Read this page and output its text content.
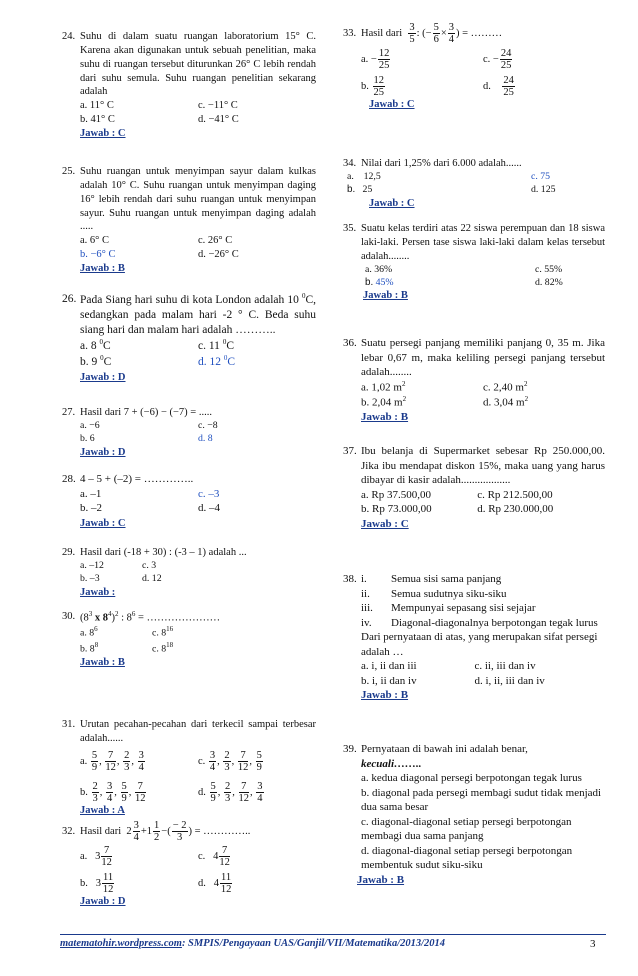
24. Suhu di dalam suatu ruangan laboratorium 15° C. Karena akan digunakan untuk sebuah penelitian, maka suhu di ruangan tersebut diturunkan 26° C lebih rendah dari suhu semula. Suhu ruangan penelitian sekarang adalah
a. 11° C	c. −11° C
b. 41° C	d. −41° C
Jawab : C
25. Suhu ruangan untuk menyimpan sayur dalam kulkas adalah 10° C. Suhu ruangan untuk menyimpan daging 16° lebih rendah dari suhu ruangan untuk menyimpan sayur. Suhu ruangan untuk menyimpan daging adalah .....
a. 6° C	c. 26° C
b. −6° C	d. −26° C
Jawab : B
26. Pada Siang hari suhu di kota London adalah 10 $^0$C, sedangkan pada malam hari -2 ° C. Beda suhu siang hari dan malam hari adalah ………..
a. 8 $^0$C	c. 11 $^0$C
b. 9 $^0$C	d. 12 $^0$C
Jawab : D
27. Hasil dari 7 + (−6) − (−7) = .....
a. −6	c. −8
b. 6	d. 8
Jawab : D
28. 4 – 5 + (–2) = …………..
a. –1	c. –3
b. –2	d. –4
Jawab : C
29. Hasil dari (-18 + 30) : (-3 – 1) adalah ...
a. –12	c. 3
b. –3	d. 12
Jawab :
30. ($8^3$ x $8^4)^2$ : $8^6$ = …………………
a. $8^6$	c. $8^{16}$
b. $8^8$	c. $8^{18}$
Jawab : B
31. Urutan pecahan-pecahan dari terkecil sampai terbesar adalah......
a. $\frac{5}{9}$ , $\frac{7}{12}$ , $\frac{2}{3}$ , $\frac{3}{4}$	c. $\frac{3}{4}$ , $\frac{2}{3}$ , $\frac{7}{12}$ , $\frac{5}{9}$
b. $\frac{2}{3}$ , $\frac{3}{4}$ , $\frac{5}{9}$ , $\frac{7}{12}$	d. $\frac{5}{9}$ , $\frac{2}{3}$ , $\frac{7}{12}$ , $\frac{3}{4}$
Jawab : A
32. Hasil dari $2 \frac{3}{4} +1 \frac{1}{2}$ −( $\frac{- 2}{3}$ ) = …………..
a. $3 \frac{7}{12}$	c. $4 \frac{7}{12}$
b. $3 \frac{11}{12}$	d. $4 \frac{11}{12}$
Jawab : D
33. Hasil dari $\frac{3}{5}$ : (− $\frac{5}{6} \times \frac{3}{4}$ ) = ………
a. − $\frac{12}{25}$	c. − $\frac{24}{25}$
b. $\frac{12}{25}$	d. $\frac{24}{25}$
Jawab : C
34. Nilai dari 1,25% dari 6.000 adalah......
a. 12,5	c. 75
b. 25	d. 125
Jawab : C
35. Suatu kelas terdiri atas 22 siswa perempuan dan 18 siswa laki-laki. Persen tase siswa laki-laki dalam kelas tersebut adalah........
a. 36%	c. 55%
b. 45%	d. 82%
Jawab : B
36. Suatu persegi panjang memiliki panjang 0, 35 m. Jika lebar 0,67 m, maka keliling persegi panjang tersebut adalah........
a. 1,02 $m^2$	c. 2,40 $m^2$
b. 2,04 $m^2$	d. 3,04 $m^2$
Jawab : B
37. Ibu belanja di Supermarket sebesar Rp 250.000,00. Jika ibu mendapat diskon 15%, maka uang yang harus dibayar di kasir adalah..................
a. Rp 37.500,00	c. Rp 212.500,00
b. Rp 73.000,00	d. Rp 230.000,00
Jawab : C
38. i.	Semua sisi sama panjang
ii.	Semua sudutnya siku-siku
iii.	Mempunyai sepasang sisi sejajar
iv.	Diagonal-diagonalnya berpotongan tegak lurus
Dari pernyataan di atas, yang merupakan sifat persegi adalah …
a. i, ii dan iii	c. ii, iii dan iv
b. i, ii dan iv	d. i, ii, iii dan iv
Jawab : B
39. Pernyataan di bawah ini adalah benar,
kecuali……..
a. kedua diagonal persegi berpotongan tegak lurus
b. diagonal pada persegi membagi sudut tidak menjadi dua sama besar
c. diagonal-diagonal setiap persegi berpotongan membagi dua sama panjang
d. diagonal-diagonal setiap persegi berpotongan membentuk sudut siku-siku
Jawab : B
matematohir.wordpress.com: SMPIS/Pengayaan UAS/Ganjil/VII/Matematika/2013/2014	3
